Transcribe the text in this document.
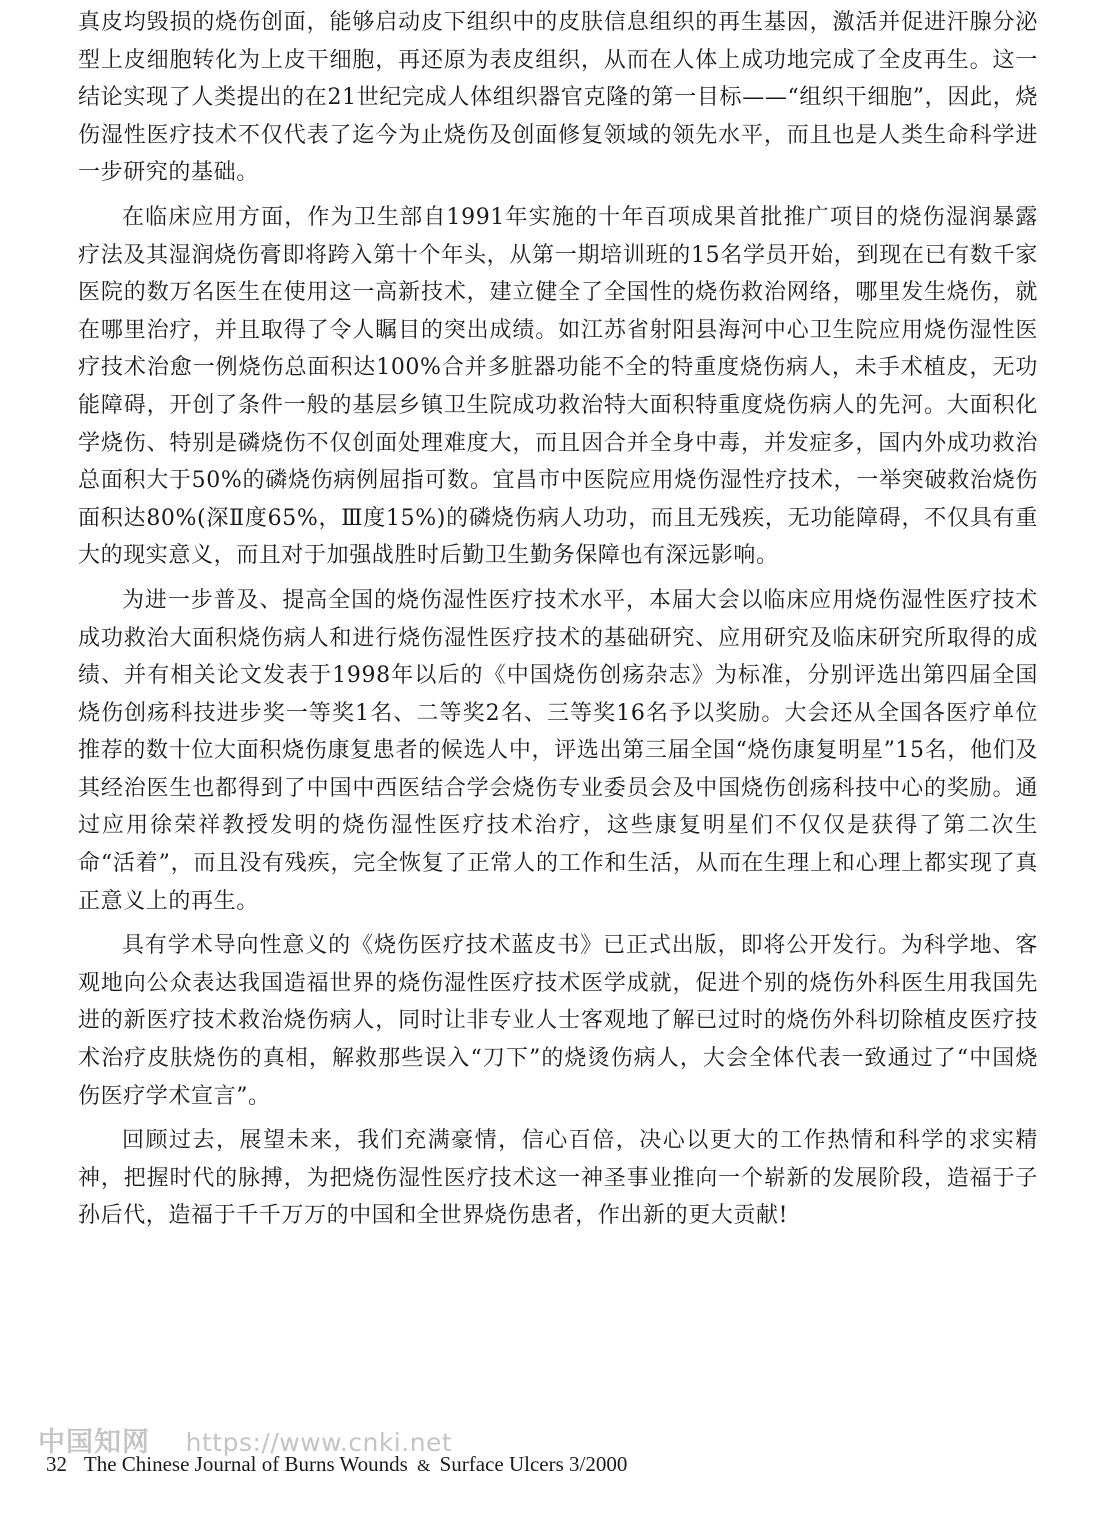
真皮均毁损的烧伤创面，能够启动皮下组织中的皮肤信息组织的再生基因，激活并促进汗腺分泌型上皮细胞转化为上皮干细胞，再还原为表皮组织，从而在人体上成功地完成了全皮再生。这一结论实现了人类提出的在21世纪完成人体组织器官克隆的第一目标——“组织干细胞”，因此，烧伤湿性医疗技术不仅代表了迄今为止烧伤及创面修复领域的领先水平，而且也是人类生命科学进一步研究的基础。

在临床应用方面，作为卫生部自1991年实施的十年百项成果首批推广项目的烧伤湿润暴露疗法及其湿润烧伤膏即将跨入第十个年头，从第一期培训班的15名学员开始，到现在已有数千家医院的数万名医生在使用这一高新技术，建立健全了全国性的烧伤救治网络，哪里发生烧伤，就在哪里治疗，并且取得了令人瞩目的突出成绩。如江苏省射阳县海河中心卫生院应用烧伤湿性医疗技术治愈一例烧伤总面积达100%合并多脏器功能不全的特重度烧伤病人，未手术植皮，无功能障碍，开创了条件一般的基层乡镇卫生院成功救治特大面积特重度烧伤病人的先河。大面积化学烧伤、特别是磷烧伤不仅创面处理难度大，而且因合并全身中毒，并发症多，国内外成功救治总面积大于50%的磷烧伤病例屈指可数。宜昌市中医院应用烧伤湿性疗技术，一举突破救治烧伤面积达80%(深Ⅱ度65%，Ⅲ度15%)的磷烧伤病人功功，而且无残疾，无功能障碍，不仅具有重大的现实意义，而且对于加强战胜时后勤卫生勤务保障也有深远影响。

为进一步普及、提高全国的烧伤湿性医疗技术水平，本届大会以临床应用烧伤湿性医疗技术成功救治大面积烧伤病人和进行烧伤湿性医疗技术的基础研究、应用研究及临床研究所取得的成绩、并有相关论文发表于1998年以后的《中国烧伤创疡杂志》为标准，分别评选出第四届全国烧伤创疡科技进步奖一等奖1名、二等奖2名、三等奖16名予以奖励。大会还从全国各医疗单位推荐的数十位大面积烧伤康复患者的候选人中，评选出第三届全国“烧伤康复明星”15名，他们及其经治医生也都得到了中国中西医结合学会烧伤专业委员会及中国烧伤创疡科技中心的奖励。通过应用徐荣祥教授发明的烧伤湿性医疗技术治疗，这些康复明星们不仅仅是获得了第二次生命“活着”，而且没有残疾，完全恢复了正常人的工作和生活，从而在生理上和心理上都实现了真正意义上的再生。

具有学术导向性意义的《烧伤医疗技术蓝皮书》已正式出版，即将公开发行。为科学地、客观地向公众表达我国造福世界的烧伤湿性医疗技术医学成就，促进个别的烧伤外科医生用我国先进的新医疗技术救治烧伤病人，同时让非专业人士客观地了解已过时的烧伤外科切除植皮医疗技术治疗皮肤烧伤的真相，解救那些误入“刀下”的烧烫伤病人，大会全体代表一致通过了“中国烧伤医疗学术宣言”。

回顾过去，展望未来，我们充满豪情，信心百倍，决心以更大的工作热情和科学的求实精神，把握时代的脉搏，为把烧伤湿性医疗技术这一神圣事业推向一个崭新的发展阶段，造福于子孙后代，造福于千千万万的中国和全世界烧伤患者，作出新的更大贡献!

中国知网 https://www.cnki.net
32 The Chinese Journal of Burns Wounds & Surface Ulcers 3/2000
